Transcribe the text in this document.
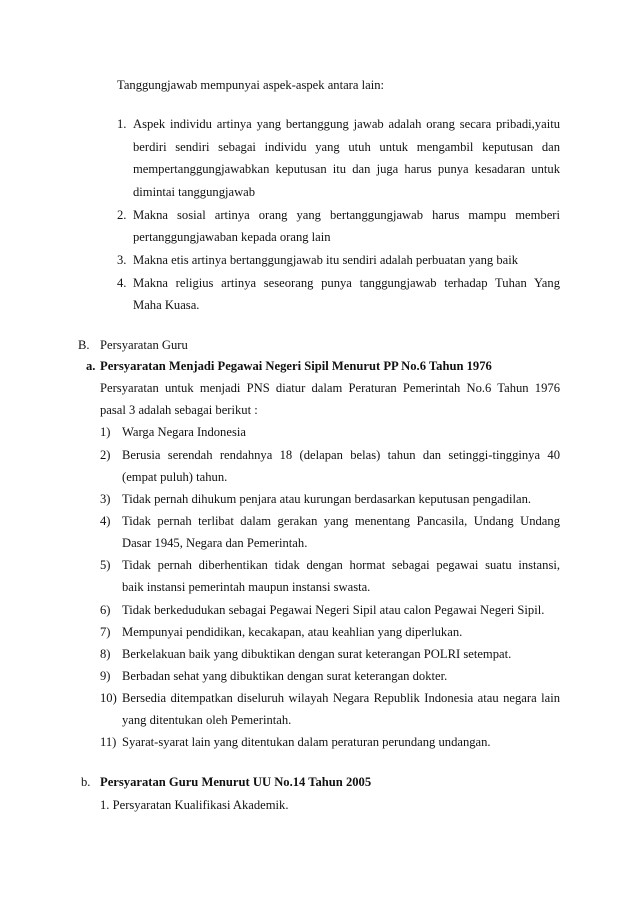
Tanggungjawab mempunyai aspek-aspek antara lain:
1. Aspek individu artinya yang bertanggung jawab adalah orang secara pribadi,yaitu
berdiri sendiri sebagai individu yang utuh untuk mengambil keputusan dan
mempertanggungjawabkan keputusan itu dan juga harus punya kesadaran untuk
dimintai tanggungjawab
2. Makna sosial artinya orang yang bertanggungjawab harus mampu memberi
pertanggungjawaban kepada orang lain
3. Makna etis artinya bertanggungjawab itu sendiri adalah perbuatan yang baik
4. Makna religius artinya seseorang punya tanggungjawab terhadap Tuhan Yang
Maha Kuasa.
B. Persyaratan Guru
a. Persyaratan Menjadi Pegawai Negeri Sipil Menurut PP No.6 Tahun 1976
Persyaratan untuk menjadi PNS diatur dalam Peraturan Pemerintah No.6 Tahun 1976
pasal 3 adalah sebagai berikut :
1) Warga Negara Indonesia
2) Berusia serendah rendahnya 18 (delapan belas) tahun dan setinggi-tingginya 40
(empat puluh) tahun.
3) Tidak pernah dihukum penjara atau kurungan berdasarkan keputusan pengadilan.
4) Tidak pernah terlibat dalam gerakan yang menentang Pancasila, Undang Undang
Dasar 1945, Negara dan Pemerintah.
5) Tidak pernah diberhentikan tidak dengan hormat sebagai pegawai suatu instansi,
baik instansi pemerintah maupun instansi swasta.
6) Tidak berkedudukan sebagai Pegawai Negeri Sipil atau calon Pegawai Negeri Sipil.
7) Mempunyai pendidikan, kecakapan, atau keahlian yang diperlukan.
8) Berkelakuan baik yang dibuktikan dengan surat keterangan POLRI setempat.
9) Berbadan sehat yang dibuktikan dengan surat keterangan dokter.
10) Bersedia ditempatkan diseluruh wilayah Negara Republik Indonesia atau negara lain
yang ditentukan oleh Pemerintah.
11) Syarat-syarat lain yang ditentukan dalam peraturan perundang undangan.
b. Persyaratan Guru Menurut UU No.14 Tahun 2005
1. Persyaratan Kualifikasi Akademik.
